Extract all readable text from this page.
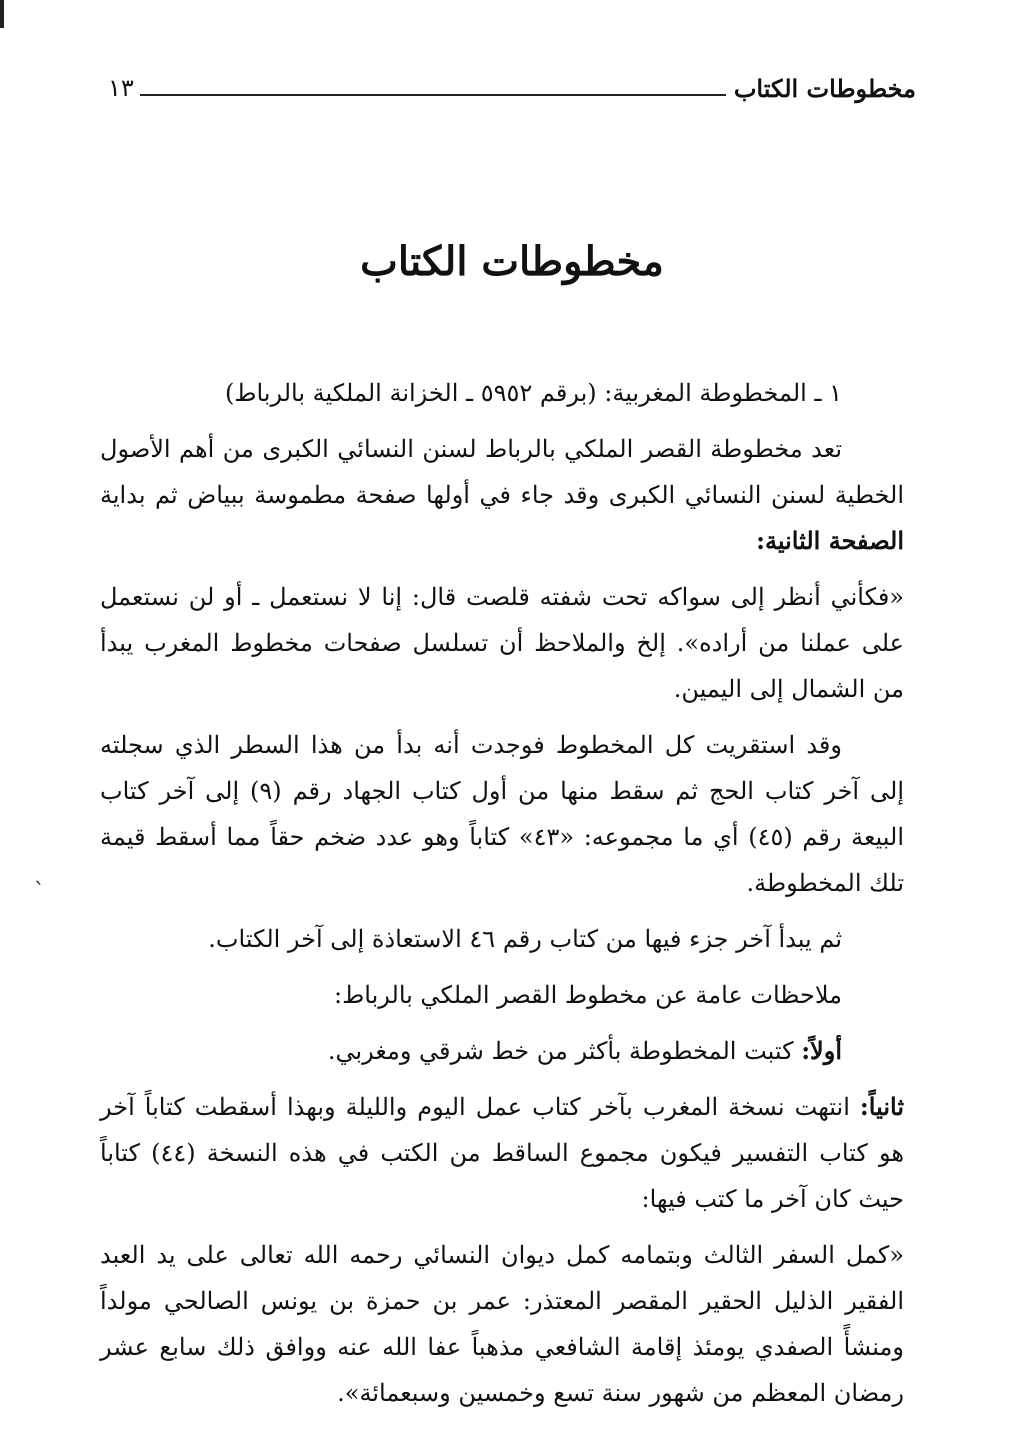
مخطوطات الكتاب
١٣
مخطوطات الكتاب

١ ـ المخطوطة المغربية: (برقم ٥٩٥٢ ـ الخزانة الملكية بالرباط)

تعد مخطوطة القصر الملكي بالرباط لسنن النسائي الكبرى من أهم الأصول الخطية لسنن النسائي الكبرى وقد جاء في أولها صفحة مطموسة ببياض ثم بداية الصفحة الثانية:

«فكأني أنظر إلى سواكه تحت شفته قلصت قال: إنا لا نستعمل ـ أو لن نستعمل على عملنا من أراده». إلخ والملاحظ أن تسلسل صفحات مخطوط المغرب يبدأ من الشمال إلى اليمين.

وقد استقريت كل المخطوط فوجدت أنه بدأ من هذا السطر الذي سجلته إلى آخر كتاب الحج ثم سقط منها من أول كتاب الجهاد رقم (٩) إلى آخر كتاب البيعة رقم (٤٥) أي ما مجموعه: «٤٣» كتاباً وهو عدد ضخم حقاً مما أسقط قيمة تلك المخطوطة.

ثم يبدأ آخر جزء فيها من كتاب رقم ٤٦ الاستعاذة إلى آخر الكتاب.

ملاحظات عامة عن مخطوط القصر الملكي بالرباط:

أولاً: كتبت المخطوطة بأكثر من خط شرقي ومغربي.

ثانياً: انتهت نسخة المغرب بآخر كتاب عمل اليوم والليلة وبهذا أسقطت كتاباً آخر هو كتاب التفسير فيكون مجموع الساقط من الكتب في هذه النسخة (٤٤) كتاباً حيث كان آخر ما كتب فيها:

«كمل السفر الثالث وبتمامه كمل ديوان النسائي رحمه الله تعالى على يد العبد الفقير الذليل الحقير المقصر المعتذر: عمر بن حمزة بن يونس الصالحي مولداً ومنشأً الصفدي يومئذ إقامة الشافعي مذهباً عفا الله عنه ووافق ذلك سابع عشر رمضان المعظم من شهور سنة تسع وخمسين وسبعمائة».

`
